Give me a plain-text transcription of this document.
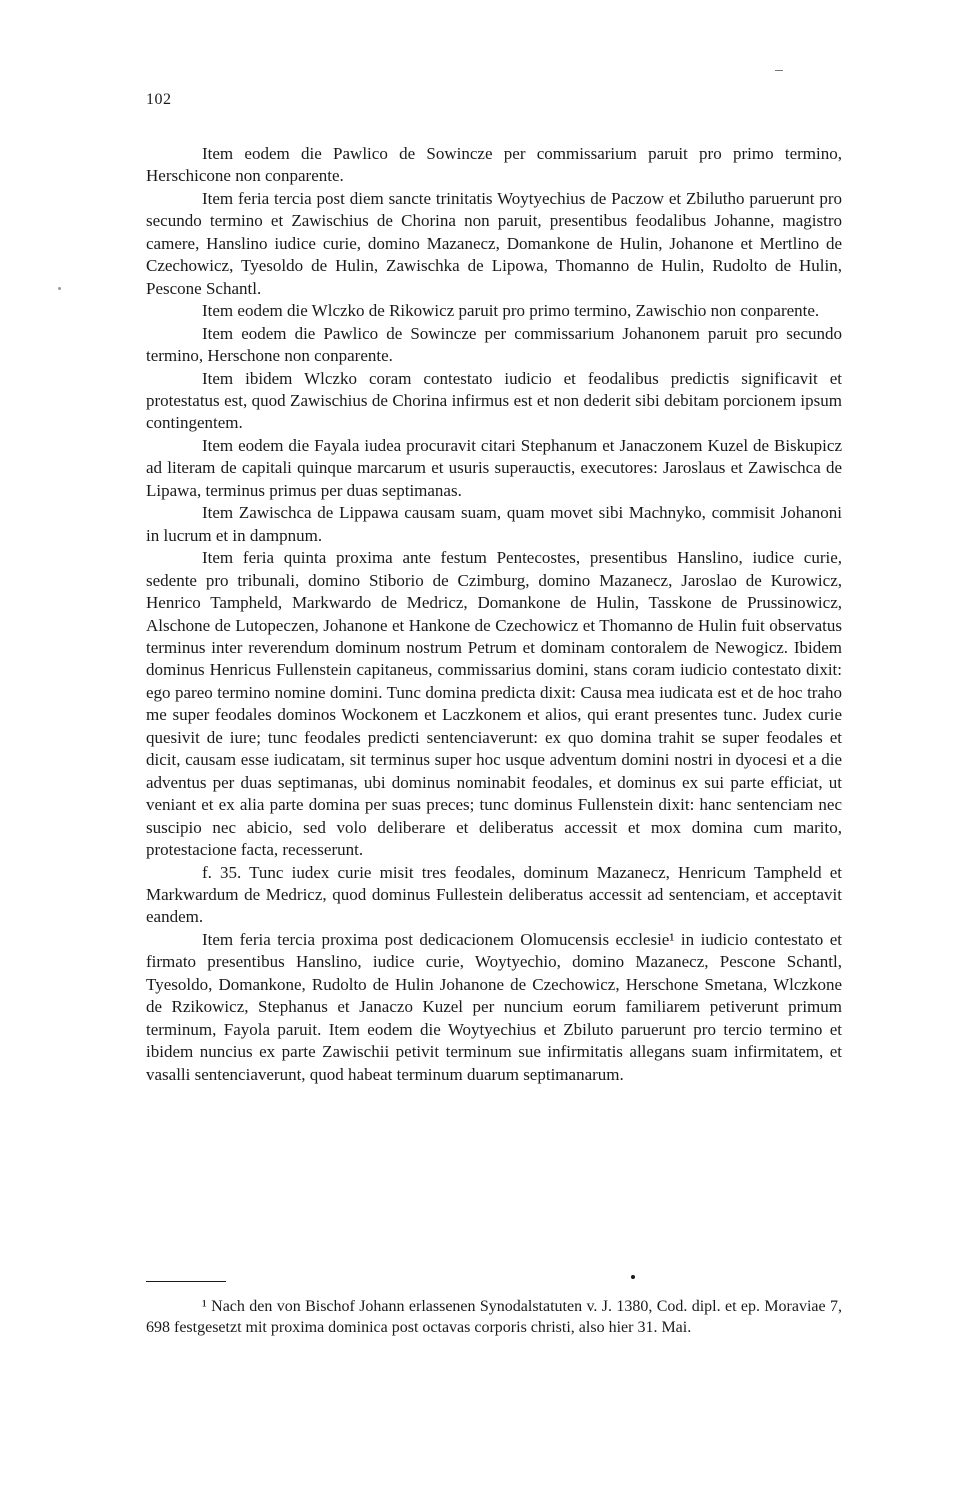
102

Item eodem die Pawlico de Sowincze per commissarium paruit pro primo termino, Herschicone non conparente.

Item feria tercia post diem sancte trinitatis Woytyechius de Paczow et Zbilutho paruerunt pro secundo termino et Zawischius de Chorina non paruit, presentibus feodalibus Johanne, magistro camere, Hanslino iudice curie, domino Mazanecz, Domankone de Hulin, Johanone et Mertlino de Czechowicz, Tyesoldo de Hulin, Zawischka de Lipowa, Thomanno de Hulin, Rudolto de Hulin, Pescone Schantl.

Item eodem die Wlczko de Rikowicz paruit pro primo termino, Zawischio non conparente.

Item eodem die Pawlico de Sowincze per commissarium Johanonem paruit pro secundo termino, Herschone non conparente.

Item ibidem Wlczko coram contestato iudicio et feodalibus predictis significavit et protestatus est, quod Zawischius de Chorina infirmus est et non dederit sibi debitam porcionem ipsum contingentem.

Item eodem die Fayala iudea procuravit citari Stephanum et Janaczonem Kuzel de Biskupicz ad literam de capitali quinque marcarum et usuris superauctis, executores: Jaroslaus et Zawischca de Lipawa, terminus primus per duas septimanas.

Item Zawischca de Lippawa causam suam, quam movet sibi Machnyko, commisit Johanoni in lucrum et in dampnum.

Item feria quinta proxima ante festum Pentecostes, presentibus Hanslino, iudice curie, sedente pro tribunali, domino Stiborio de Czimburg, domino Mazanecz, Jaroslao de Kurowicz, Henrico Tampheld, Markwardo de Medricz, Domankone de Hulin, Tasskone de Prussinowicz, Alschone de Lutopeczen, Johanone et Hankone de Czechowicz et Thomanno de Hulin fuit observatus terminus inter reverendum dominum nostrum Petrum et dominam contoralem de Newogicz. Ibidem dominus Henricus Fullenstein capitaneus, commissarius domini, stans coram iudicio contestato dixit: ego pareo termino nomine domini. Tunc domina predicta dixit: Causa mea iudicata est et de hoc traho me super feodales dominos Wockonem et Laczkonem et alios, qui erant presentes tunc. Judex curie quesivit de iure; tunc feodales predicti sentenciaverunt: ex quo domina trahit se super feodales et dicit, causam esse iudicatam, sit terminus super hoc usque adventum domini nostri in dyocesi et a die adventus per duas septimanas, ubi dominus nominabit feodales, et dominus ex sui parte efficiat, ut veniant et ex alia parte domina per suas preces; tunc dominus Fullenstein dixit: hanc sentenciam nec suscipio nec abicio, sed volo deliberare et deliberatus accessit et mox domina cum marito, protestacione facta, recesserunt.

f. 35. Tunc iudex curie misit tres feodales, dominum Mazanecz, Henricum Tampheld et Markwardum de Medricz, quod dominus Fullestein deliberatus accessit ad sentenciam, et acceptavit eandem.

Item feria tercia proxima post dedicacionem Olomucensis ecclesie¹ in iudicio contestato et firmato presentibus Hanslino, iudice curie, Woytyechio, domino Mazanecz, Pescone Schantl, Tyesoldo, Domankone, Rudolto de Hulin Johanone de Czechowicz, Herschone Smetana, Wlczkone de Rzikowicz, Stephanus et Janaczo Kuzel per nuncium eorum familiarem petiverunt primum terminum, Fayola paruit. Item eodem die Woytyechius et Zbiluto paruerunt pro tercio termino et ibidem nuncius ex parte Zawischii petivit terminum sue infirmitatis allegans suam infirmitatem, et vasalli sentenciaverunt, quod habeat terminum duarum septimanarum.

¹ Nach den von Bischof Johann erlassenen Synodalstatuten v. J. 1380, Cod. dipl. et ep. Moraviae 7, 698 festgesetzt mit proxima dominica post octavas corporis christi, also hier 31. Mai.
